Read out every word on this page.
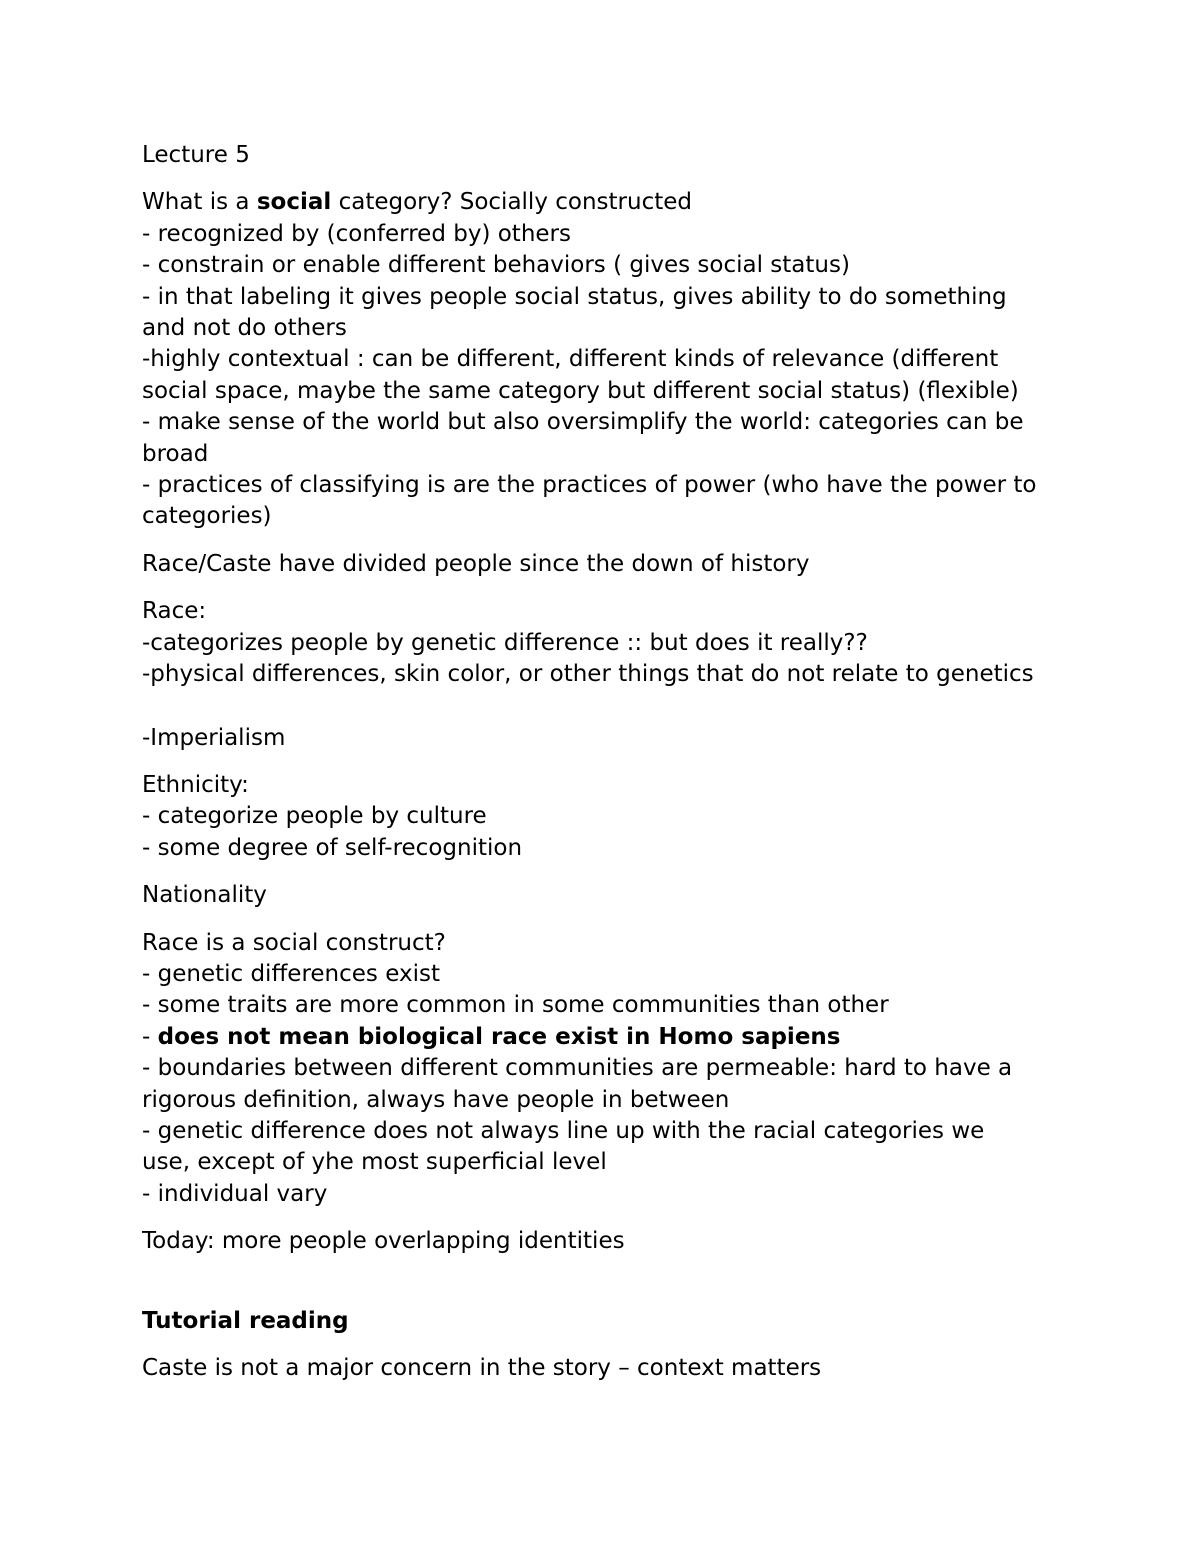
Lecture 5

What is a social category? Socially constructed

- recognized by (conferred by) others

- constrain or enable different behaviors ( gives social status)

- in that labeling it gives people social status, gives ability to do something

and not do others

-highly contextual : can be different, different kinds of relevance (different

social space, maybe the same category but different social status) (flexible)

- make sense of the world but also oversimplify the world: categories can be

broad

- practices of classifying is are the practices of power (who have the power to

categories)

Race/Caste have divided people since the down of history

Race:

-categorizes people by genetic difference :: but does it really??

-physical differences, skin color, or other things that do not relate to genetics

-Imperialism

Ethnicity:

- categorize people by culture

- some degree of self-recognition

Nationality

Race is a social construct?

- genetic differences exist

- some traits are more common in some communities than other

- does not mean biological race exist in Homo sapiens

- boundaries between different communities are permeable: hard to have a

rigorous definition, always have people in between

- genetic difference does not always line up with the racial categories we

use, except of yhe most superficial level

- individual vary

Today: more people overlapping identities

Tutorial reading

Caste is not a major concern in the story – context matters
